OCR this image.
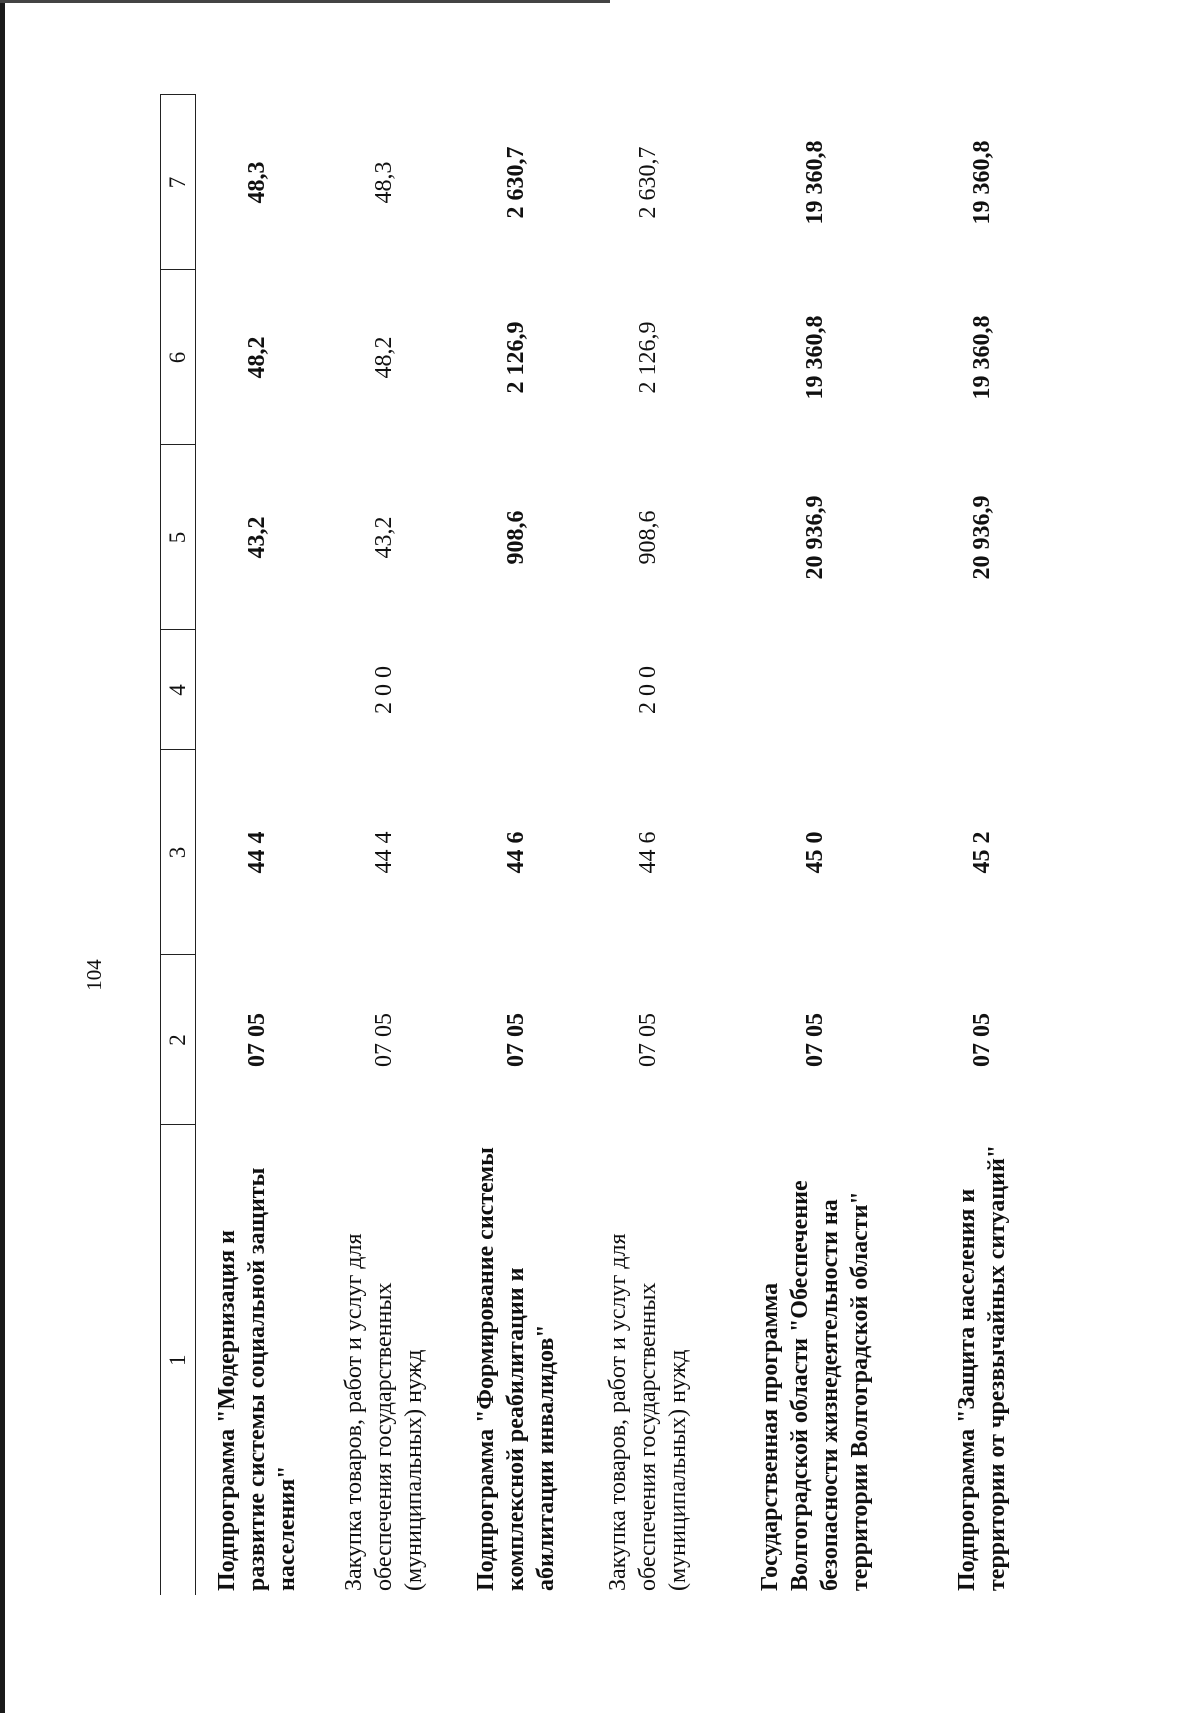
104
1	2	3	4	5	6	7
Подпрограмма "Модернизация и развитие системы социальной защиты населения"	07 05	44 4		43,2	48,2	48,3
Закупка товаров, работ и услуг для обеспечения государственных (муниципальных) нужд	07 05	44 4	2 0 0	43,2	48,2	48,3
Подпрограмма "Формирование системы комплексной реабилитации и абилитации инвалидов"	07 05	44 6		908,6	2 126,9	2 630,7
Закупка товаров, работ и услуг для обеспечения государственных (муниципальных) нужд	07 05	44 6	2 0 0	908,6	2 126,9	2 630,7
Государственная программа Волгоградской области "Обеспечение безопасности жизнедеятельности на территории Волгоградской области"	07 05	45 0		20 936,9	19 360,8	19 360,8
Подпрограмма "Защита населения и территории от чрезвычайных ситуаций"	07 05	45 2		20 936,9	19 360,8	19 360,8
